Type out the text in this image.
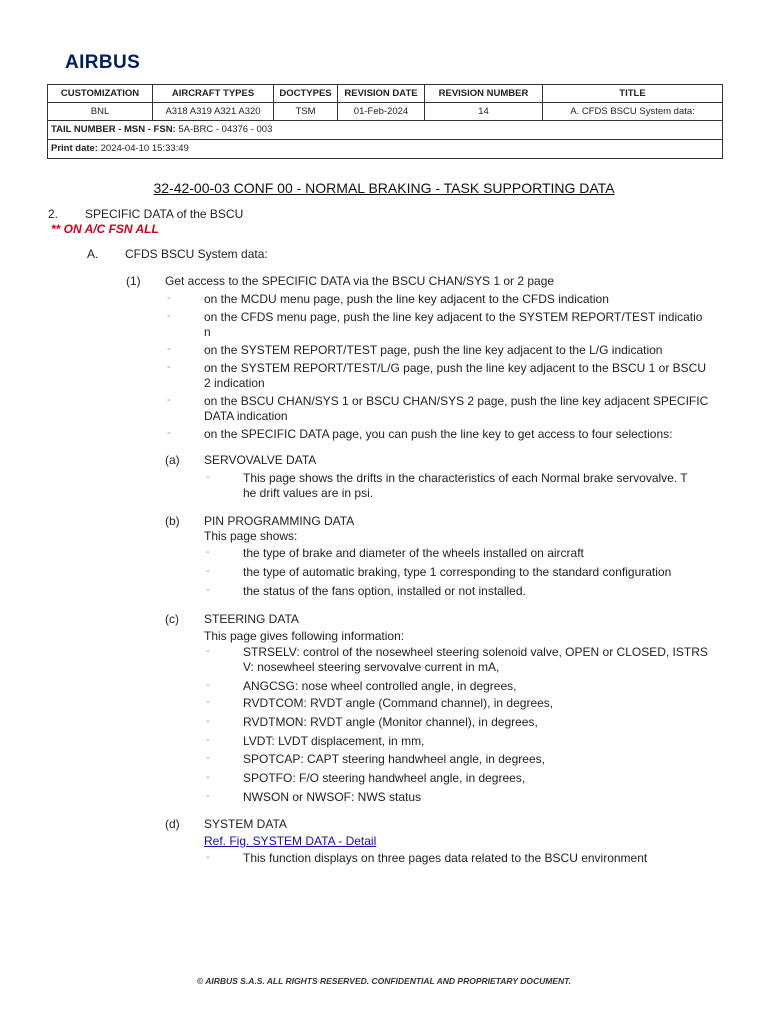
AIRBUS
CUSTOMIZATION	AIRCRAFT TYPES	DOCTYPES	REVISION DATE	REVISION NUMBER	TITLE
BNL	A318 A319 A321 A320	TSM	01-Feb-2024	14	A. CFDS BSCU System data:
TAIL NUMBER - MSN - FSN: 5A-BRC - 04376 - 003					
Print date: 2024-04-10 15:33:49					
32-42-00-03 CONF 00 - NORMAL BRAKING - TASK SUPPORTING DATA
2. SPECIFIC DATA of the BSCU
** ON A/C FSN ALL
A. CFDS BSCU System data:
(1) Get access to the SPECIFIC DATA via the BSCU CHAN/SYS 1 or 2 page
-	on the MCDU menu page, push the line key adjacent to the CFDS indication
-	on the CFDS menu page, push the line key adjacent to the SYSTEM REPORT/TEST indicatio
n
-	on the SYSTEM REPORT/TEST page, push the line key adjacent to the L/G indication
-	on the SYSTEM REPORT/TEST/L/G page, push the line key adjacent to the BSCU 1 or BSCU
2 indication
-	on the BSCU CHAN/SYS 1 or BSCU CHAN/SYS 2 page, push the line key adjacent SPECIFIC
DATA indication
-	on the SPECIFIC DATA page, you can push the line key to get access to four selections:
(a) SERVOVALVE DATA
-	This page shows the drifts in the characteristics of each Normal brake servovalve. T
he drift values are in psi.
(b) PIN PROGRAMMING DATA
This page shows:
-	the type of brake and diameter of the wheels installed on aircraft
-	the type of automatic braking, type 1 corresponding to the standard configuration
-	the status of the fans option, installed or not installed.
(c) STEERING DATA
This page gives following information:
-	STRSELV: control of the nosewheel steering solenoid valve, OPEN or CLOSED, ISTRS
V: nosewheel steering servovalve current in mA,
-	ANGCSG: nose wheel controlled angle, in degrees,
-	RVDTCOM: RVDT angle (Command channel), in degrees,
-	RVDTMON: RVDT angle (Monitor channel), in degrees,
-	LVDT: LVDT displacement, in mm,
-	SPOTCAP: CAPT steering handwheel angle, in degrees,
-	SPOTFO: F/O steering handwheel angle, in degrees,
-	NWSON or NWSOF: NWS status
(d) SYSTEM DATA
Ref. Fig. SYSTEM DATA - Detail
-	This function displays on three pages data related to the BSCU environment
© AIRBUS S.A.S. ALL RIGHTS RESERVED. CONFIDENTIAL AND PROPRIETARY DOCUMENT.
